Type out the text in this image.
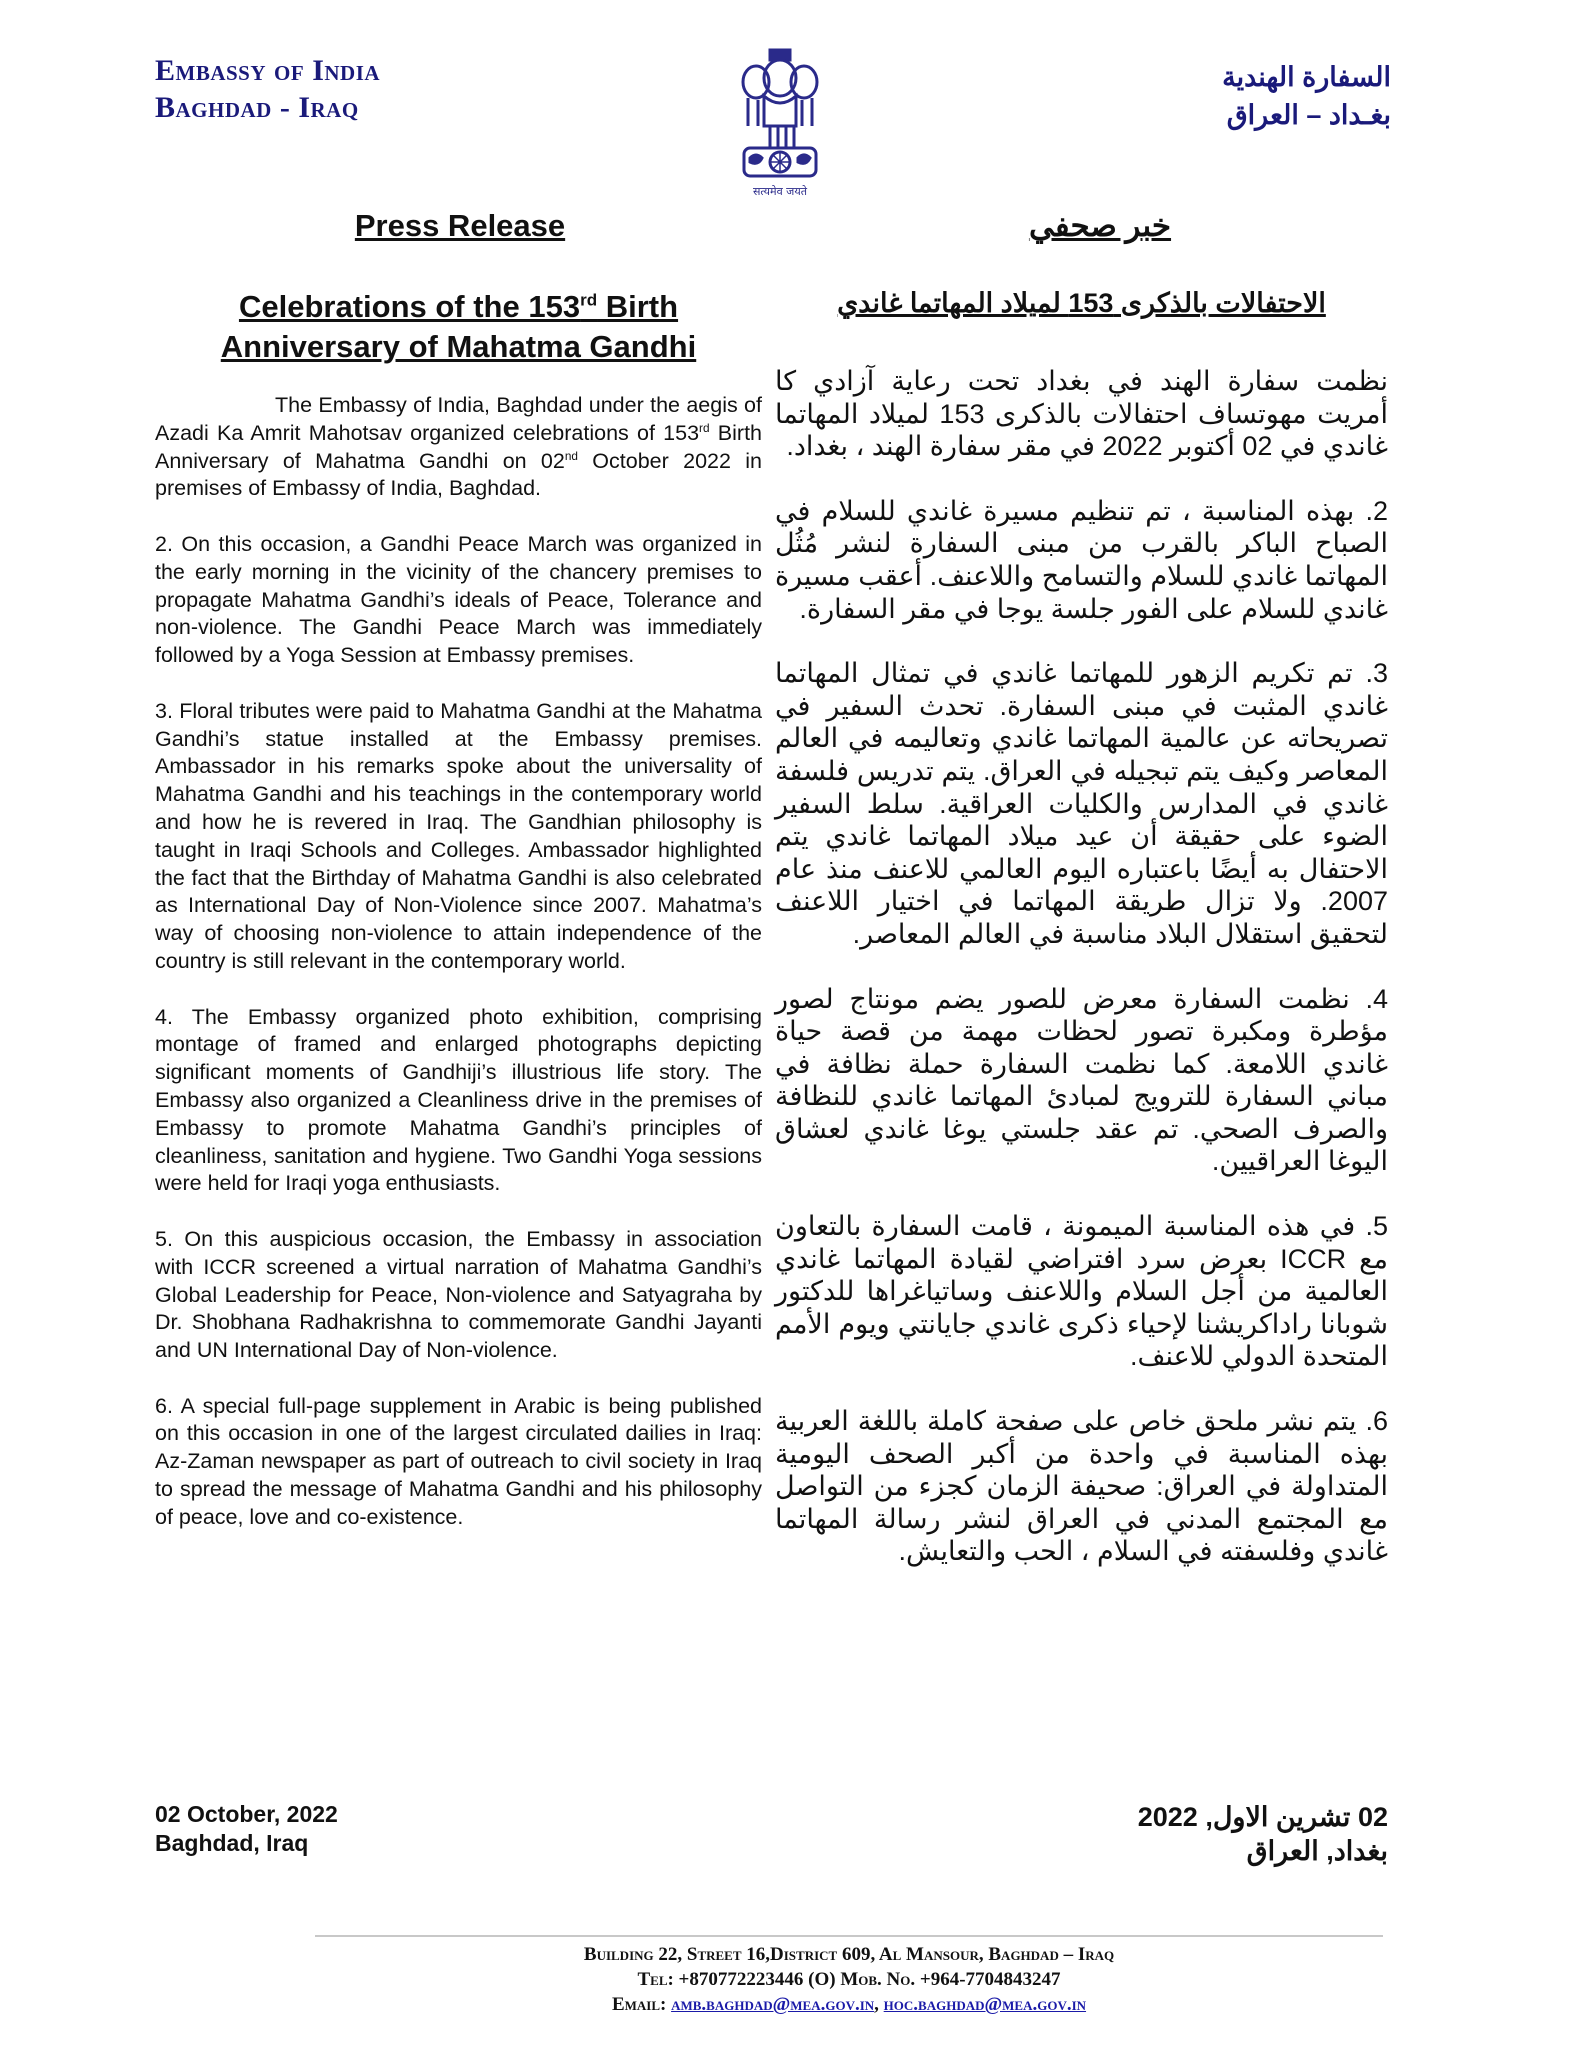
Embassy of India
Baghdad - Iraq
सत्यमेव जयते
السفارة الهندية
بغـداد – العراق
Press Release	خبر صحفي
Celebrations of the 153rd Birth
Anniversary of Mahatma Gandhi
الاحتفالات بالذكرى 153 لميلاد المهاتما غاندي

The Embassy of India, Baghdad under the aegis of Azadi Ka Amrit Mahotsav organized celebrations of 153rd Birth Anniversary of Mahatma Gandhi on 02nd October 2022 in premises of Embassy of India, Baghdad.

2. On this occasion, a Gandhi Peace March was organized in the early morning in the vicinity of the chancery premises to propagate Mahatma Gandhi’s ideals of Peace, Tolerance and non-violence. The Gandhi Peace March was immediately followed by a Yoga Session at Embassy premises.

3. Floral tributes were paid to Mahatma Gandhi at the Mahatma Gandhi’s statue installed at the Embassy premises. Ambassador in his remarks spoke about the universality of Mahatma Gandhi and his teachings in the contemporary world and how he is revered in Iraq. The Gandhian philosophy is taught in Iraqi Schools and Colleges. Ambassador highlighted the fact that the Birthday of Mahatma Gandhi is also celebrated as International Day of Non-Violence since 2007. Mahatma’s way of choosing non-violence to attain independence of the country is still relevant in the contemporary world.

4. The Embassy organized photo exhibition, comprising montage of framed and enlarged photographs depicting significant moments of Gandhiji’s illustrious life story. The Embassy also organized a Cleanliness drive in the premises of Embassy to promote Mahatma Gandhi’s principles of cleanliness, sanitation and hygiene. Two Gandhi Yoga sessions were held for Iraqi yoga enthusiasts.

5. On this auspicious occasion, the Embassy in association with ICCR screened a virtual narration of Mahatma Gandhi’s Global Leadership for Peace, Non-violence and Satyagraha by Dr. Shobhana Radhakrishna to commemorate Gandhi Jayanti and UN International Day of Non-violence.

6. A special full-page supplement in Arabic is being published on this occasion in one of the largest circulated dailies in Iraq: Az-Zaman newspaper as part of outreach to civil society in Iraq to spread the message of Mahatma Gandhi and his philosophy of peace, love and co-existence.

نظمت سفارة الهند في بغداد تحت رعاية آزادي كا أمريت مهوتساف احتفالات بالذكرى 153 لميلاد المهاتما غاندي في 02 أكتوبر 2022 في مقر سفارة الهند ، بغداد.

2. بهذه المناسبة ، تم تنظيم مسيرة غاندي للسلام في الصباح الباكر بالقرب من مبنى السفارة لنشر مُثُل المهاتما غاندي للسلام والتسامح واللاعنف. أعقب مسيرة غاندي للسلام على الفور جلسة يوجا في مقر السفارة.

3. تم تكريم الزهور للمهاتما غاندي في تمثال المهاتما غاندي المثبت في مبنى السفارة. تحدث السفير في تصريحاته عن عالمية المهاتما غاندي وتعاليمه في العالم المعاصر وكيف يتم تبجيله في العراق. يتم تدريس فلسفة غاندي في المدارس والكليات العراقية. سلط السفير الضوء على حقيقة أن عيد ميلاد المهاتما غاندي يتم الاحتفال به أيضًا باعتباره اليوم العالمي للاعنف منذ عام 2007. ولا تزال طريقة المهاتما في اختيار اللاعنف لتحقيق استقلال البلاد مناسبة في العالم المعاصر.

4. نظمت السفارة معرض للصور يضم مونتاج لصور مؤطرة ومكبرة تصور لحظات مهمة من قصة حياة غاندي اللامعة. كما نظمت السفارة حملة نظافة في مباني السفارة للترويج لمبادئ المهاتما غاندي للنظافة والصرف الصحي. تم عقد جلستي يوغا غاندي لعشاق اليوغا العراقيين.

5. في هذه المناسبة الميمونة ، قامت السفارة بالتعاون مع ICCR بعرض سرد افتراضي لقيادة المهاتما غاندي العالمية من أجل السلام واللاعنف وساتياغراها للدكتور شوبانا راداكريشنا لإحياء ذكرى غاندي جايانتي ويوم الأمم المتحدة الدولي للاعنف.

6. يتم نشر ملحق خاص على صفحة كاملة باللغة العربية بهذه المناسبة في واحدة من أكبر الصحف اليومية المتداولة في العراق: صحيفة الزمان كجزء من التواصل مع المجتمع المدني في العراق لنشر رسالة المهاتما غاندي وفلسفته في السلام ، الحب والتعايش.

02 October, 2022
Baghdad, Iraq
02 تشرين الاول, 2022
بغداد, العراق
Building 22, Street 16,District 609, Al Mansour, Baghdad – Iraq
Tel: +870772223446 (O) Mob. No. +964-7704843247
Email: amb.baghdad@mea.gov.in, hoc.baghdad@mea.gov.in
